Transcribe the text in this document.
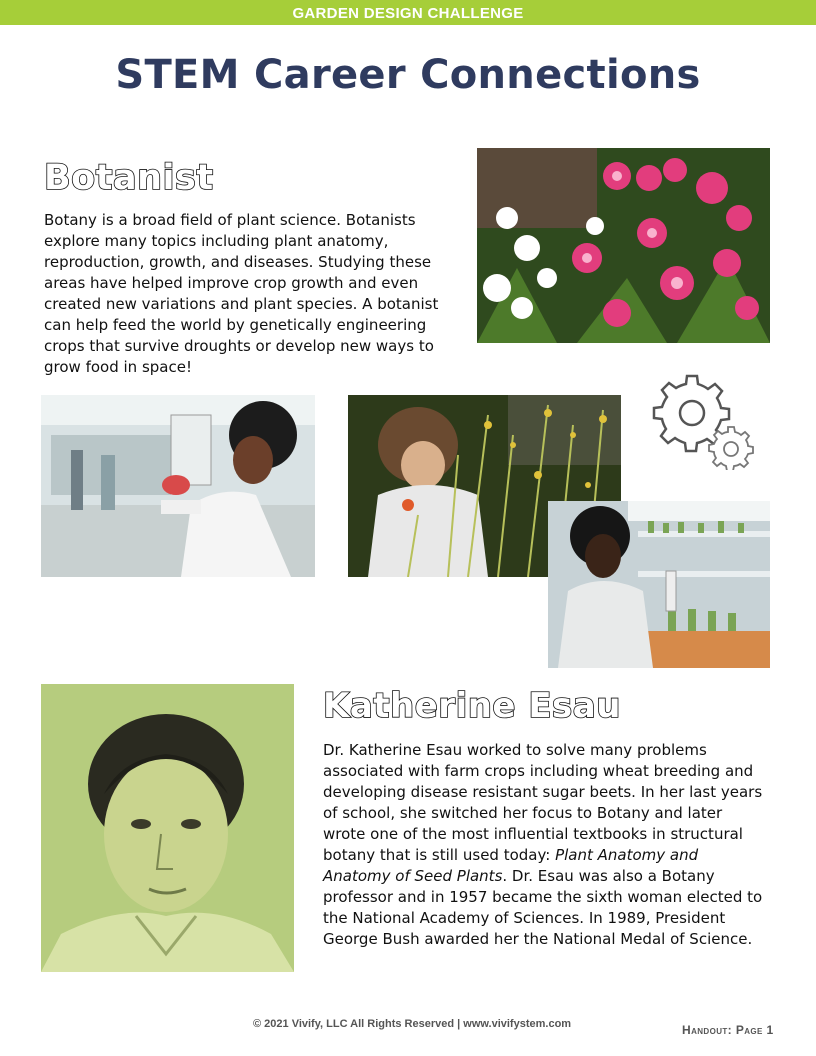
GARDEN DESIGN CHALLENGE
STEM Career Connections
Botanist

Botany is a broad field of plant science. Botanists explore many topics including plant anatomy, reproduction, growth, and diseases. Studying these areas have helped improve crop growth and even created new variations and plant species. A botanist can help feed the world by genetically engineering crops that survive droughts or develop new ways to grow food in space!

Katherine Esau

Dr. Katherine Esau worked to solve many problems associated with farm crops including wheat breeding and developing disease resistant sugar beets. In her last years of school, she switched her focus to Botany and later wrote one of the most influential textbooks in structural botany that is still used today: Plant Anatomy and Anatomy of Seed Plants. Dr. Esau was also a Botany professor and in 1957 became the sixth woman elected to the National Academy of Sciences. In 1989, President George Bush awarded her the National Medal of Science.

© 2021 Vivify, LLC All Rights Reserved | www.vivifystem.com	Handout: Page 1
